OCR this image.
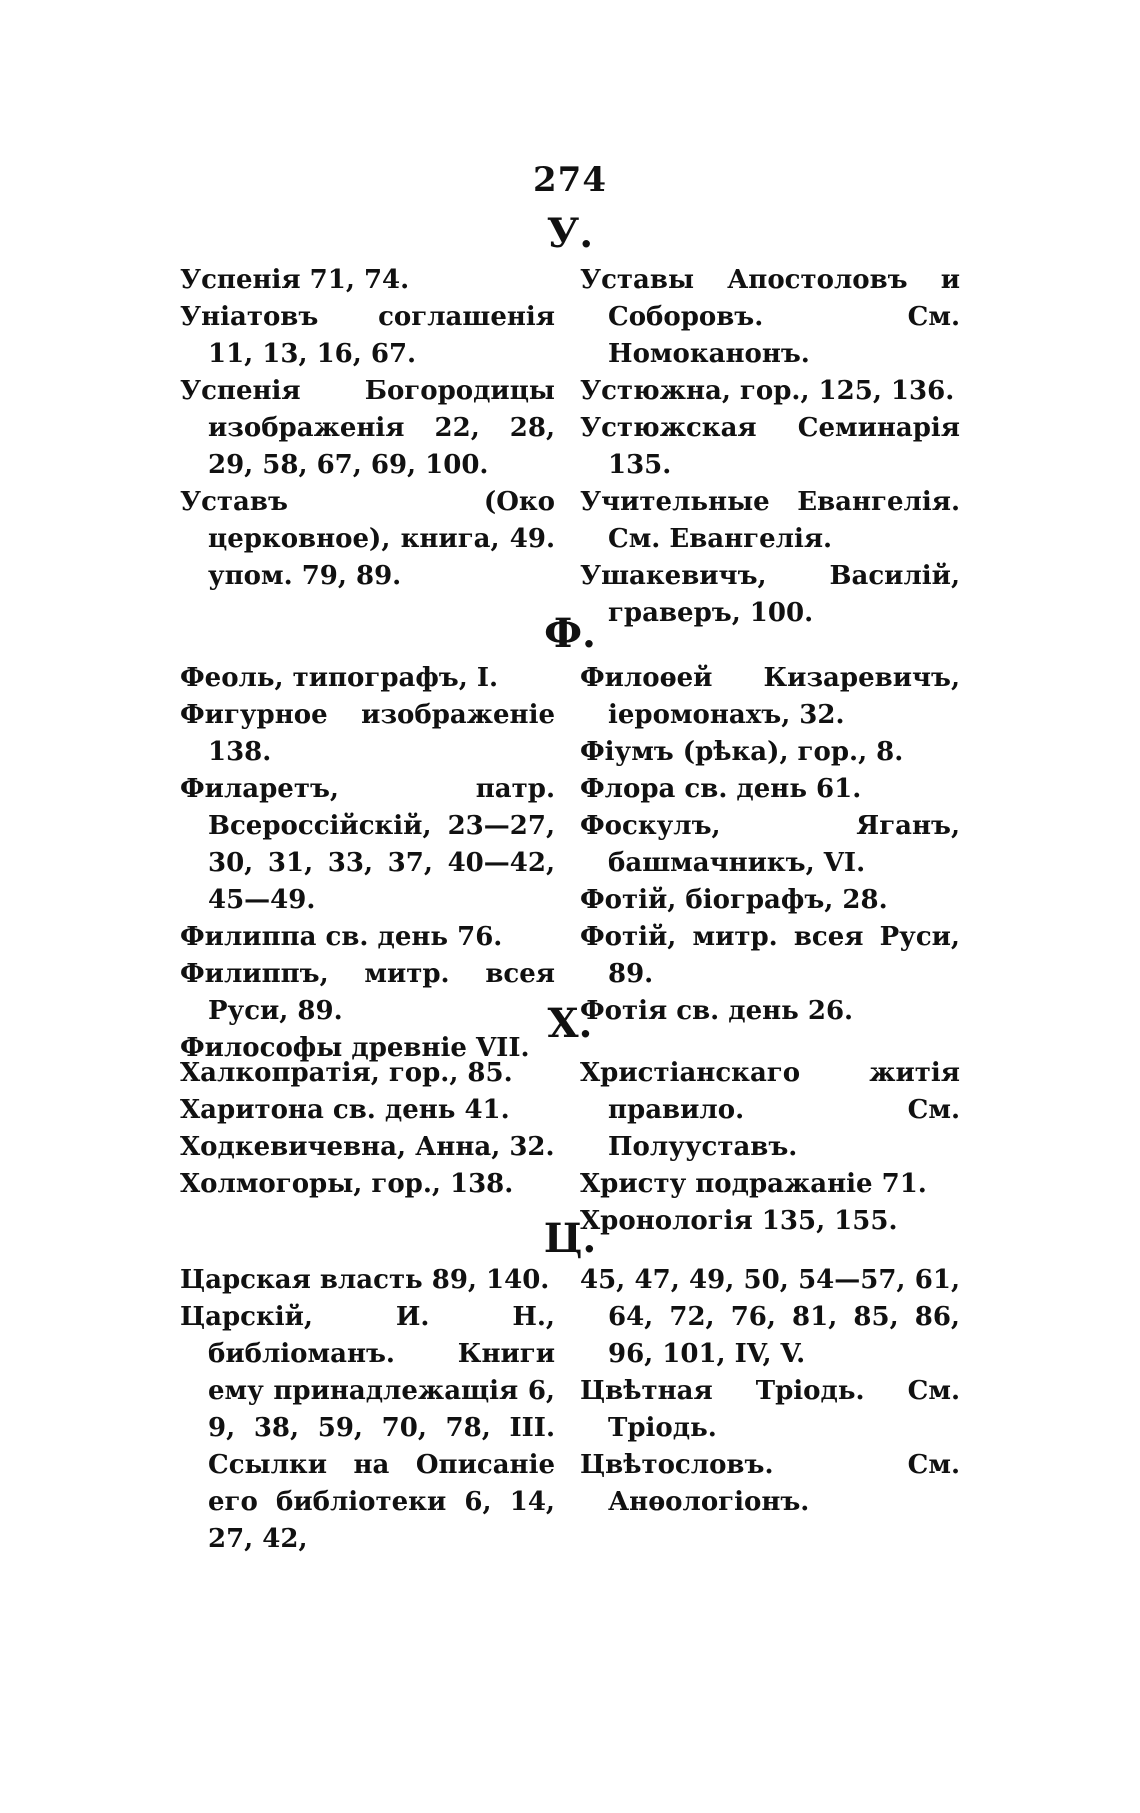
274
У.
Успенія 71, 74.
Уніатовъ соглашенія 11, 13, 16, 67.
Успенія Богородицы изображенія 22, 28, 29, 58, 67, 69, 100.
Уставъ (Око церковное), книга, 49. упом. 79, 89.
Уставы Апостоловъ и Соборовъ. См. Номоканонъ.
Устюжна, гор., 125, 136.
Устюжская Семинарія 135.
Учительные Евангелія. См. Евангелія.
Ушакевичъ, Василій, граверъ, 100.
Ф.
Феоль, типографъ, I.
Фигурное изображеніе 138.
Филаретъ, патр. Всероссійскій, 23—27, 30, 31, 33, 37, 40—42, 45—49.
Филиппа св. день 76.
Филиппъ, митр. всея Руси, 89.
Философы древніе VII.
Филоѳей Кизаревичъ, іеромонахъ, 32.
Фіумъ (рѣка), гор., 8.
Флора св. день 61.
Фоскулъ, Яганъ, башмачникъ, VI.
Фотій, біографъ, 28.
Фотій, митр. всея Руси, 89.
Фотія св. день 26.
Х.
Халкопратія, гор., 85.
Харитона св. день 41.
Ходкевичевна, Анна, 32.
Холмогоры, гор., 138.
Христіанскаго житія правило. См. Полууставъ.
Христу подражаніе 71.
Хронологія 135, 155.
Ц.
Царская власть 89, 140.
Царскій, И. Н., библіоманъ. Книги ему принадлежащія 6, 9, 38, 59, 70, 78, III. Ссылки на Описаніе его библіотеки 6, 14, 27, 42,
45, 47, 49, 50, 54—57, 61, 64, 72, 76, 81, 85, 86, 96, 101, IV, V.
Цвѣтная Тріодь. См. Тріодь.
Цвѣтословъ. См. Анѳологіонъ.
